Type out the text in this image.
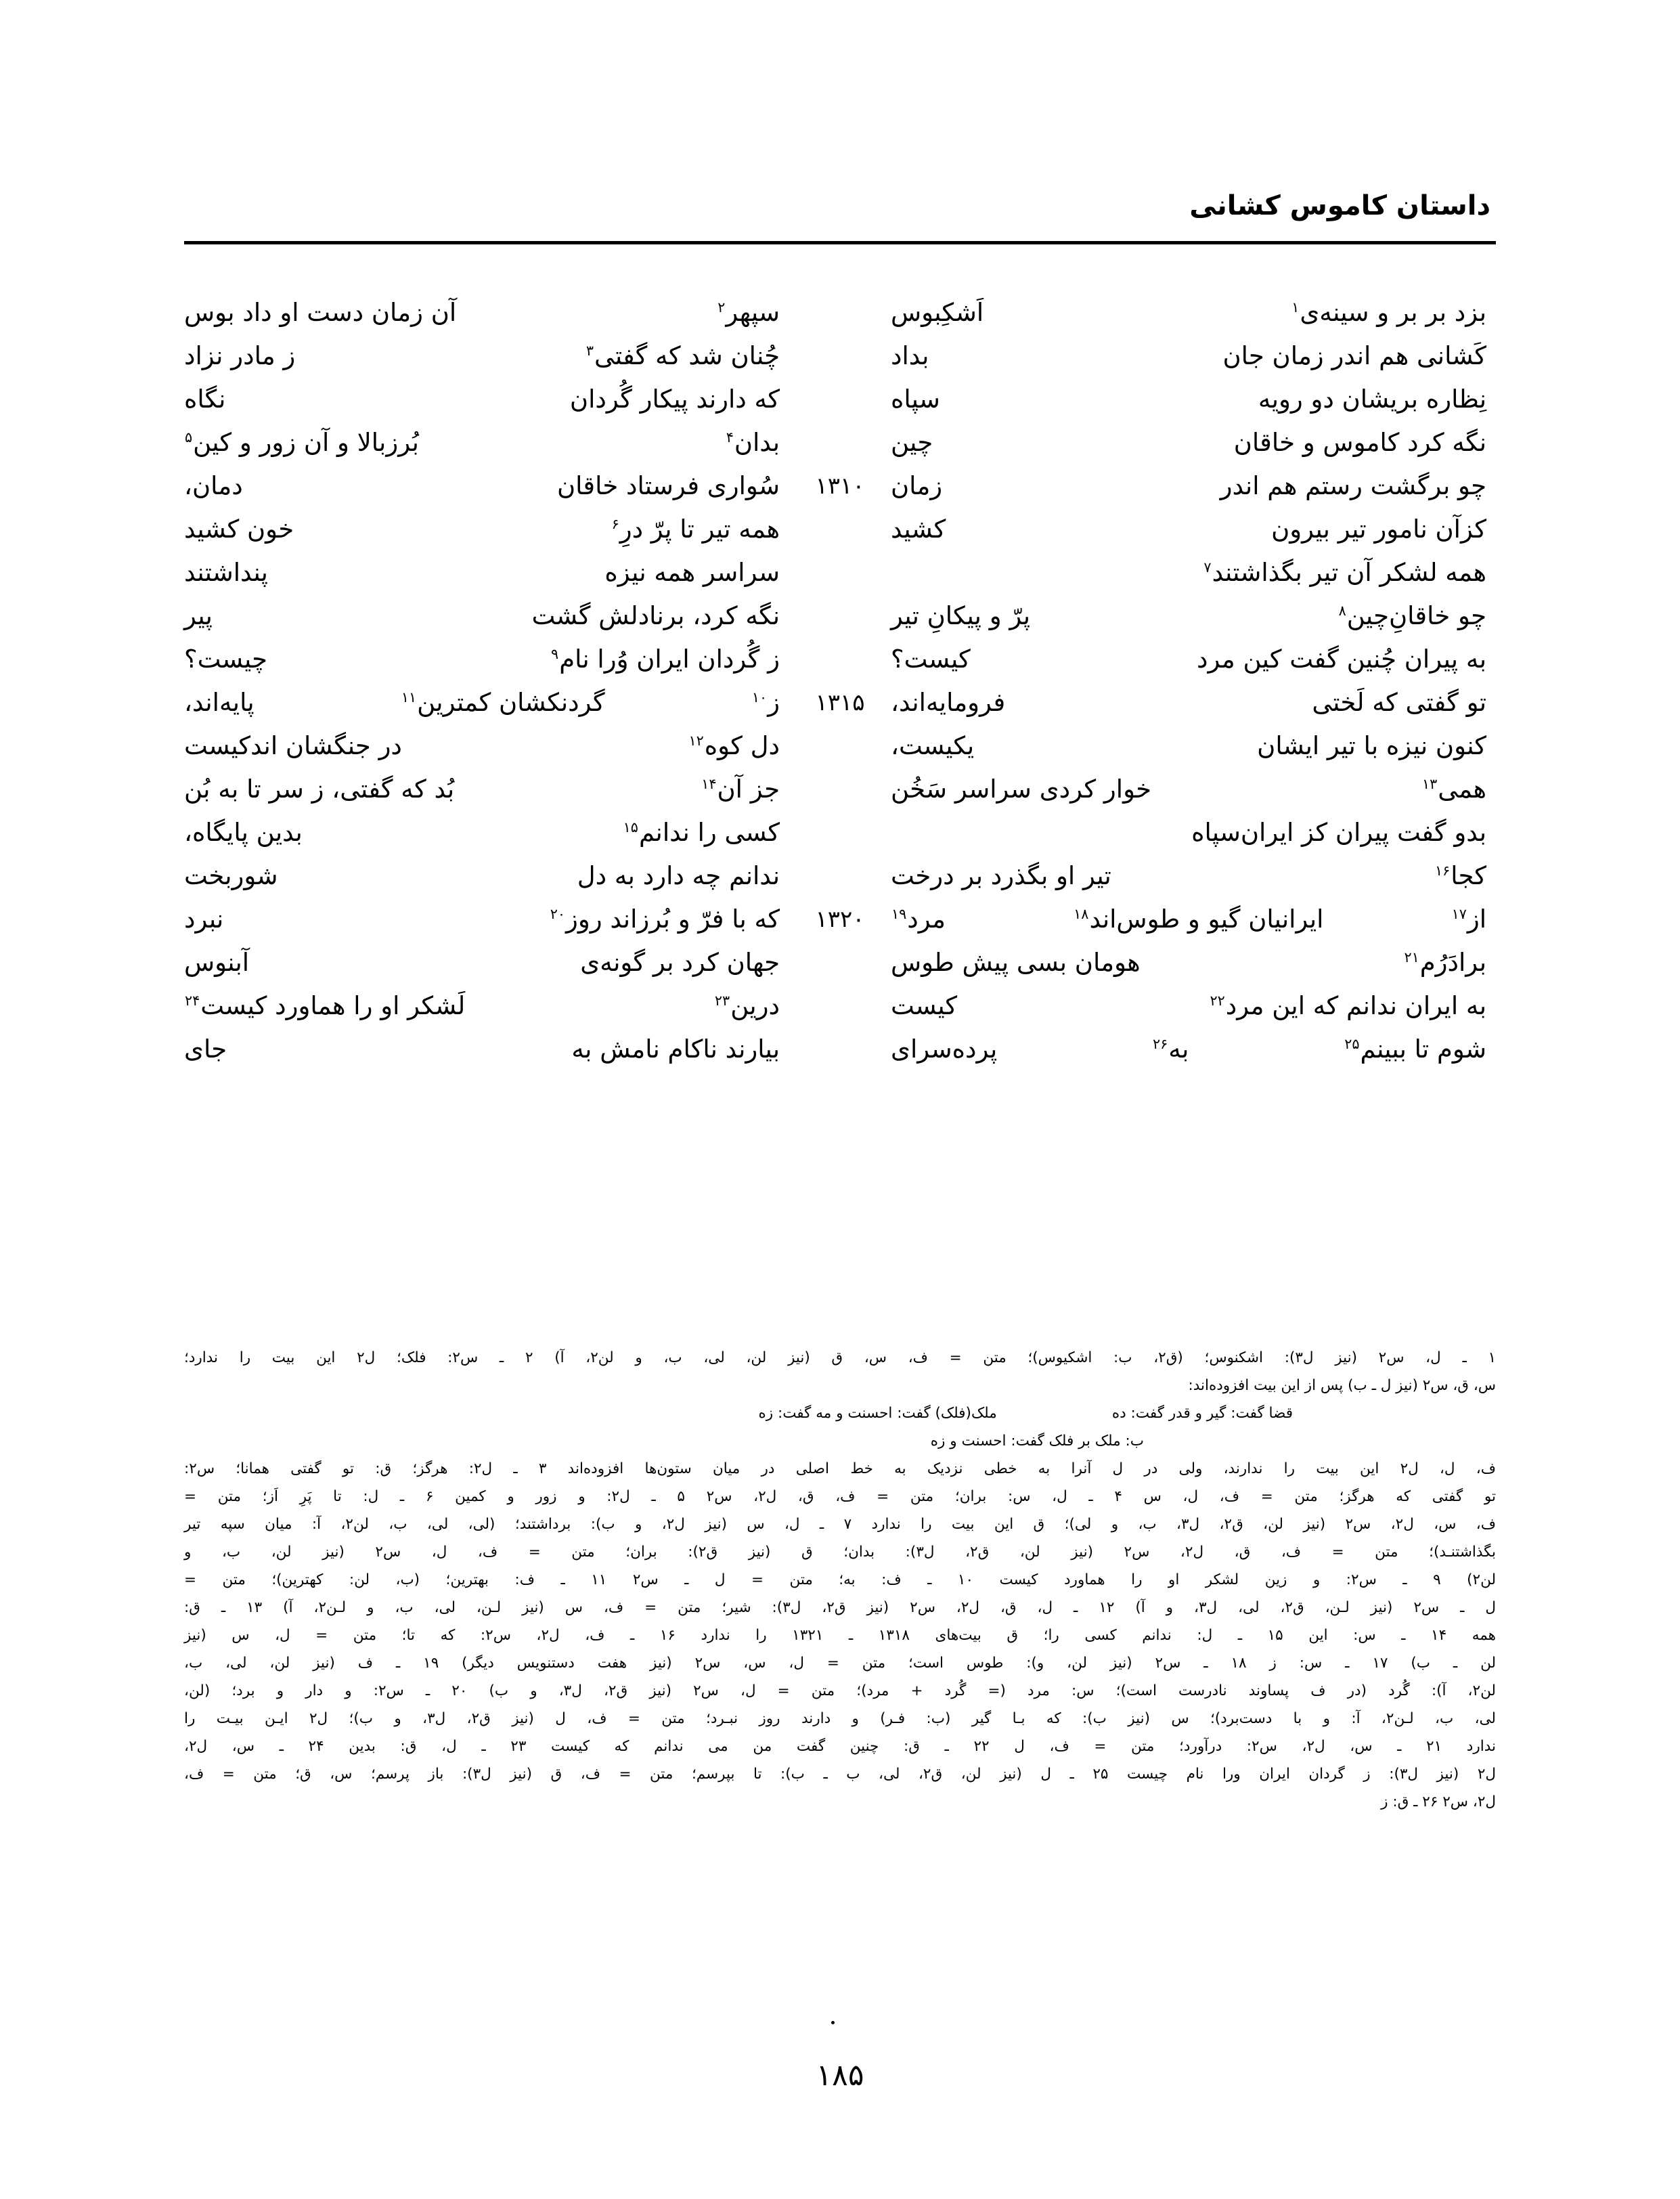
داستان کاموس کشانی
بزد بر بر و سینه‌ی$^۱$
اَشکِبوس
سپهر$^۲$
آن زمان دست او داد بوس
کَشانی هم اندر زمان جان
بداد
چُنان شد که گفتی$^۳$
ز مادر نزاد
نِظاره بریشان دو رویه
سپاه
که دارند پیکار گُردان
نگاه
نگه کرد کاموس و خاقان
چین
بدان$^۴$
بُرزبالا و آن زور و کین$^۵$
چو برگشت رستم هم اندر
زمان
۱۳۱۰
سُواری فرستاد خاقان
دمان،
کزآن نامور تیر بیرون
کشید
همه تیر تا پرّ درِ$^۶$
خون کشید
همه لشکر آن تیر بگذاشتند$^۷$
سراسر همه نیزه
پنداشتند
چو خاقانِ‌چین$^۸$
پرّ و پیکانِ تیر
نگه کرد، برنادلش گشت
پیر
به پیران چُنین گفت کین مرد
کیست؟
ز گُردان ایران وُرا نام$^۹$
چیست؟
تو گفتی که لَختی
فرومایه‌اند،
۱۳۱۵
ز$^{۱۰}$
گردنکشان کمترین$^{۱۱}$
پایه‌اند،
کنون نیزه با تیر ایشان
یکیست،
دل کوه$^{۱۲}$
در جنگشان اندکیست
همی$^{۱۳}$
خوار کردی سراسر سَخُن
جز آن$^{۱۴}$
بُد که گفتی، ز سر تا به بُن
بدو گفت پیران کز ایران‌سپاه
کسی را ندانم$^{۱۵}$
بدین پایگاه،
کجا$^{۱۶}$
تیر او بگذرد بر درخت
ندانم چه دارد به دل
شوربخت
از$^{۱۷}$
ایرانیان گیو و طوس‌اند$^{۱۸}$
مرد$^{۱۹}$
۱۳۲۰
که با فرّ و بُرزاند روز$^{۲۰}$
نبرد
برادَرُم$^{۲۱}$
هومان بسی پیش طوس
جهان کرد بر گونه‌ی
آبنوس
به ایران ندانم که این مرد$^{۲۲}$
کیست
درین$^{۲۳}$
لَشکر او را هماورد کیست$^{۲۴}$
شوم تا ببینم$^{۲۵}$
به$^{۲۶}$
پرده‌سرای
بیارند ناکام نامش به
جای
۱ ـ ل، س۲ (نیز ل۳): اشکنوس؛ (ق۲، ب: اشکیوس)؛ متن = ف، س، ق (نیز لن، لی، ب، و لن۲، آ) ۲ ـ س۲: فلک؛ ل۲ این بیت را ندارد؛
س، ق، س۲ (نیز ل ـ ب) پس از این بیت افزوده‌اند:
قضا گفت: گیر و قدر گفت: ده
ملک(فلک) گفت: احسنت و مه گفت: زه
ب: ملک بر فلک گفت: احسنت و زه
ف، ل، ل۲ این بیت را ندارند، ولی در ل آنرا به خطی نزدیک به خط اصلی در میان ستون‌ها افزوده‌اند ۳ ـ ل۲: هرگز؛ ق: تو گفتی همانا؛ س۲:
تو گفتی که هرگز؛ متن = ف، ل، س ۴ ـ ل، س: بران؛ متن = ف، ق، ل۲، س۲ ۵ ـ ل۲: و زور و کمین ۶ ـ ل: تا پَرِ اَز؛ متن =
ف، س، ل۲، س۲ (نیز لن، ق۲، ل۳، ب، و لی)؛ ق این بیت را ندارد ۷ ـ ل، س (نیز ل۲، و ب): برداشتند؛ (لی، لی، ب، لن۲، آ: میان سپه تیر
بگذاشتنـد)؛ متن = ف، ق، ل۲، س۲ (نیز لن، ق۲، ل۳): بدان؛ ق (نیز ق۲): بران؛ متن = ف، ل، س۲ (نیز لن، ب، و
لن۲) ۹ ـ س۲: و زین لشکر او را هماورد کیست ۱۰ ـ ف: به؛ متن = ل ـ س۲ ۱۱ ـ ف: بهترین؛ (ب، لن: کهترین)؛ متن =
ل ـ س۲ (نیز لـن، ق۲، لی، ل۳، و آ) ۱۲ ـ ل، ق، ل۲، س۲ (نیز ق۲، ل۳): شیر؛ متن = ف، س (نیز لـن، لی، ب، و لـن۲، آ) ۱۳ ـ ق:
همه ۱۴ ـ س: این ۱۵ ـ ل: ندانم کسی را؛ ق بیت‌های ۱۳۱۸ ـ ۱۳۲۱ را ندارد ۱۶ ـ ف، ل۲، س۲: که تا؛ متن = ل، س (نیز
لن ـ ب) ۱۷ ـ س: ز ۱۸ ـ س۲ (نیز لن، و): طوس است؛ متن = ل، س، س۲ (نیز هفت دستنویس دیگر) ۱۹ ـ ف (نیز لن، لی، ب،
لن۲، آ): گُرد (در ف پساوند نادرست است)؛ س: مرد (= گُرد + مرد)؛ متن = ل، س۲ (نیز ق۲، ل۳، و ب) ۲۰ ـ س۲: و دار و برد؛ (لن،
لی، ب، لـن۲، آ: و با دست‌برد)؛ س (نیز ب): که بـا گیر (ب: فـر) و دارند روز نبـرد؛ متن = ف، ل (نیز ق۲، ل۳، و ب)؛ ل۲ ایـن بیـت را
ندارد ۲۱ ـ س، ل۲، س۲: درآورد؛ متن = ف، ل ۲۲ ـ ق: چنین گفت من می ندانم که کیست ۲۳ ـ ل، ق: بدین ۲۴ ـ س، ل۲،
ل۲ (نیز ل۳): ز گردان ایران ورا نام چیست ۲۵ ـ ل (نیز لن، ق۲، لی، ب ـ ب): تا بپرسم؛ متن = ف، ق (نیز ل۳): باز پرسم؛ س، ق؛ متن = ف،
ل۲، س۲ ۲۶ ـ ق: ز
۱۸۵
